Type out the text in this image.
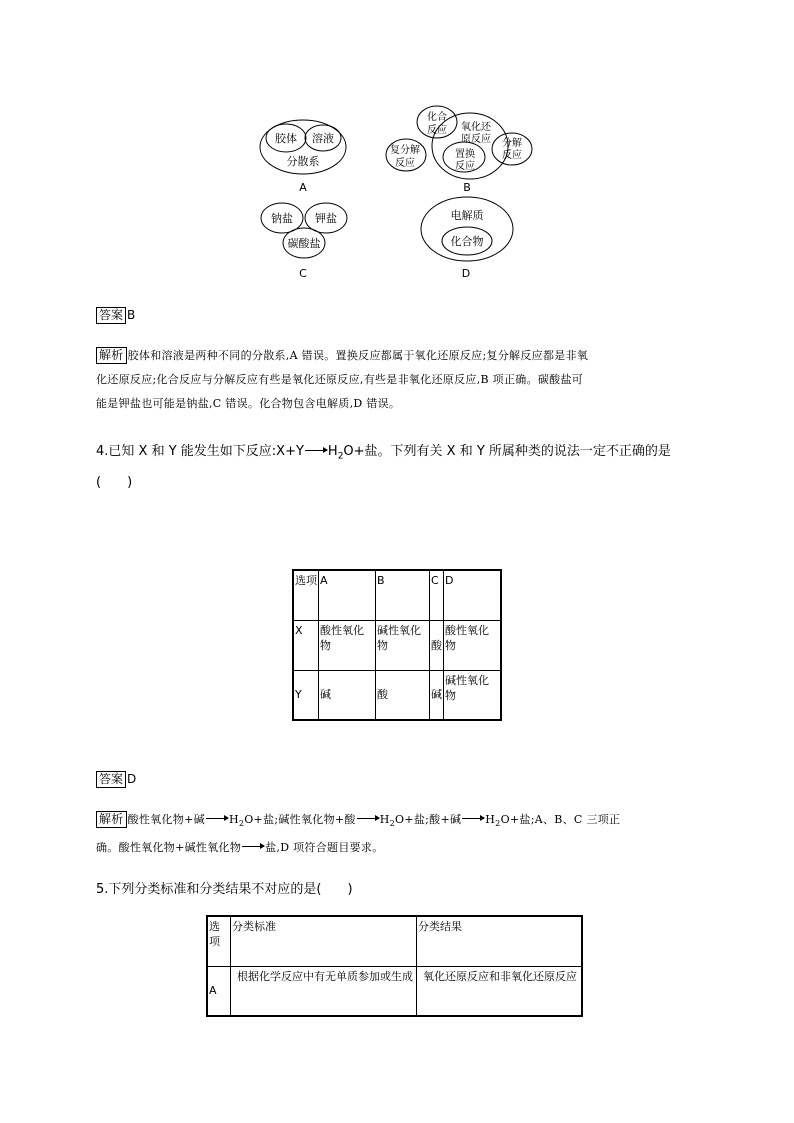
胶体 溶液
分散系
A
化合反应 氧化还原反应 分解反应
复分解反应
置换反应
B
钠盐 钾盐
碳酸盐
C
电解质
化合物
D
答案 B
解析 胶体和溶液是两种不同的分散系,A 错误。置换反应都属于氧化还原反应;复分解反应都是非氧
化还原反应;化合反应与分解反应有些是氧化还原反应,有些是非氧化还原反应,B 项正确。碳酸盐可
能是钾盐也可能是钠盐,C 错误。化合物包含电解质,D 错误。
4.已知 X 和 Y 能发生如下反应:X+Y $H_2O+$盐。下列有关 X 和 Y 所属种类的说法一定不正确的是
(　　)
选项	A	B	C	D
X	酸性氧化物	碱性氧化物	酸	酸性氧化物
Y	碱	酸	碱	碱性氧化物
答案 D
解析 酸性氧化物+碱 $H_2O+$盐;碱性氧化物+酸 $H_2O+$盐;酸+碱 $H_2O+$盐;A、B、C 三项正
确。酸性氧化物+碱性氧化物 盐,D 项符合题目要求。
5.下列分类标准和分类结果不对应的是(　　)
选项	分类标准	分类结果
A	根据化学反应中有无单质参加或生成	氧化还原反应和非氧化还原反应
